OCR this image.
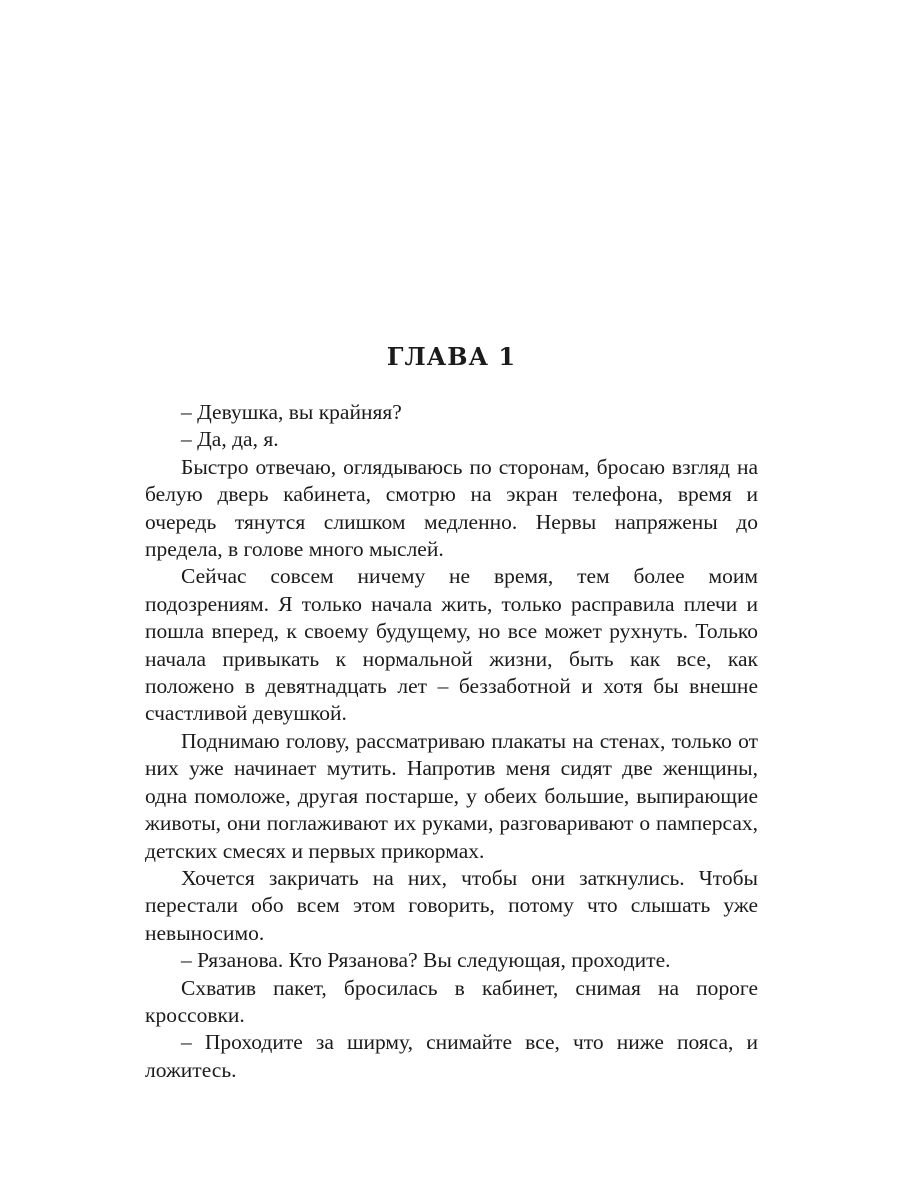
ГЛАВА 1

– Девушка, вы крайняя?

– Да, да, я.

Быстро отвечаю, оглядываюсь по сторонам, бросаю взгляд на белую дверь кабинета, смотрю на экран телефона, время и очередь тянутся слишком медленно. Нервы напряжены до предела, в голове много мыслей.

Сейчас совсем ничему не время, тем более моим подозрениям. Я только начала жить, только расправила плечи и пошла вперед, к своему будущему, но все может рухнуть. Только начала привыкать к нормальной жизни, быть как все, как положено в девятнадцать лет – беззаботной и хотя бы внешне счастливой девушкой.

Поднимаю голову, рассматриваю плакаты на стенах, только от них уже начинает мутить. Напротив меня сидят две женщины, одна помоложе, другая постарше, у обеих большие, выпирающие животы, они поглаживают их руками, разговаривают о памперсах, детских смесях и первых прикормах.

Хочется закричать на них, чтобы они заткнулись. Чтобы перестали обо всем этом говорить, потому что слышать уже невыносимо.

– Рязанова. Кто Рязанова? Вы следующая, проходите.

Схватив пакет, бросилась в кабинет, снимая на пороге кроссовки.

– Проходите за ширму, снимайте все, что ниже пояса, и ложитесь.
